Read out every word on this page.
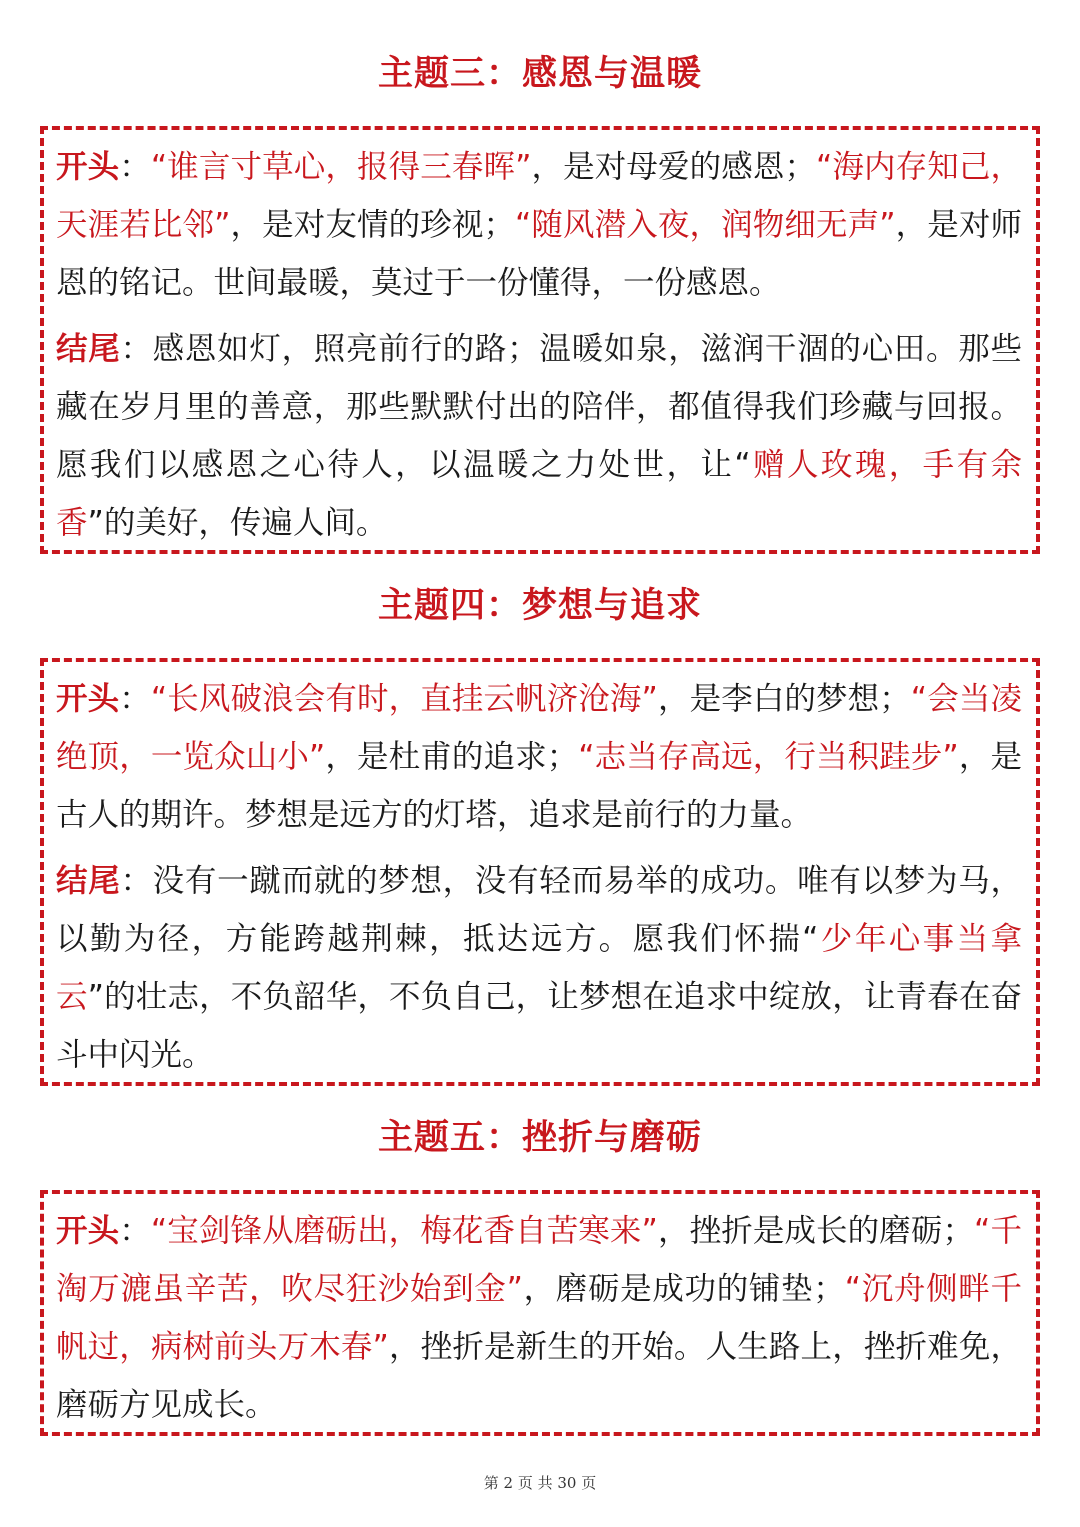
主题三：感恩与温暖

开头：“谁言寸草心，报得三春晖”，是对母爱的感恩；“海内存知己，天涯若比邻”，是对友情的珍视；“随风潜入夜，润物细无声”，是对师恩的铭记。世间最暖，莫过于一份懂得，一份感恩。

结尾：感恩如灯，照亮前行的路；温暖如泉，滋润干涸的心田。那些藏在岁月里的善意，那些默默付出的陪伴，都值得我们珍藏与回报。愿我们以感恩之心待人，以温暖之力处世，让“赠人玫瑰，手有余香”的美好，传遍人间。

主题四：梦想与追求

开头：“长风破浪会有时，直挂云帆济沧海”，是李白的梦想；“会当凌绝顶，一览众山小”，是杜甫的追求；“志当存高远，行当积跬步”，是古人的期许。梦想是远方的灯塔，追求是前行的力量。

结尾：没有一蹴而就的梦想，没有轻而易举的成功。唯有以梦为马，以勤为径，方能跨越荆棘，抵达远方。愿我们怀揣“少年心事当拿云”的壮志，不负韶华，不负自己，让梦想在追求中绽放，让青春在奋斗中闪光。

主题五：挫折与磨砺

开头：“宝剑锋从磨砺出，梅花香自苦寒来”，挫折是成长的磨砺；“千淘万漉虽辛苦，吹尽狂沙始到金”，磨砺是成功的铺垫；“沉舟侧畔千帆过，病树前头万木春”，挫折是新生的开始。人生路上，挫折难免，磨砺方见成长。

第 2 页 共 30 页
